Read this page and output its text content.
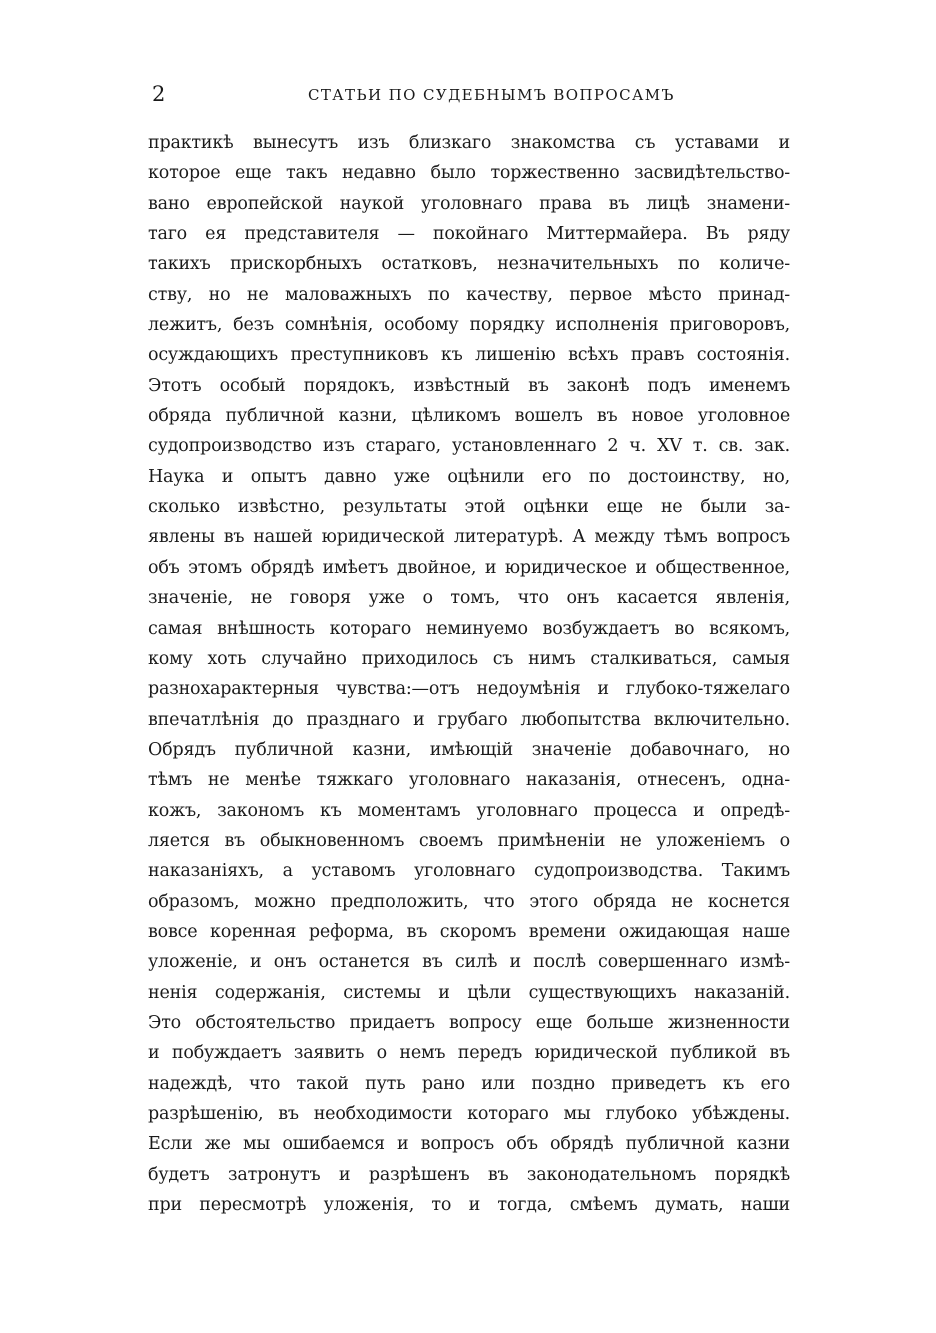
2	СТАТЬИ ПО СУДЕБНЫМЪ ВОПРОСАМЪ
практикѣ вынесутъ изъ близкаго знакомства съ уставами и
которое еще такъ недавно было торжественно засвидѣтельство-
вано европейской наукой уголовнаго права въ лицѣ знамени-
таго ея представителя — покойнаго Миттермайера. Въ ряду
такихъ прискорбныхъ остатковъ, незначительныхъ по количе-
ству, но не маловажныхъ по качеству, первое мѣсто принад-
лежитъ, безъ сомнѣнія, особому порядку исполненія приговоровъ,
осуждающихъ преступниковъ къ лишенію всѣхъ правъ состоянія.
Этотъ особый порядокъ, извѣстный въ законѣ подъ именемъ
обряда публичной казни, цѣликомъ вошелъ въ новое уголовное
судопроизводство изъ стараго, установленнаго 2 ч. XV т. св. зак.
Наука и опытъ давно уже оцѣнили его по достоинству, но,
сколько извѣстно, результаты этой оцѣнки еще не были за-
явлены въ нашей юридической литературѣ. А между тѣмъ вопросъ
объ этомъ обрядѣ имѣетъ двойное, и юридическое и общественное,
значеніе, не говоря уже о томъ, что онъ касается явленія,
самая внѣшность котораго неминуемо возбуждаетъ во всякомъ,
кому хоть случайно приходилось съ нимъ сталкиваться, самыя
разнохарактерныя чувства:—отъ недоумѣнія и глубоко-тяжелаго
впечатлѣнія до празднаго и грубаго любопытства включительно.
Обрядъ публичной казни, имѣющій значеніе добавочнаго, но
тѣмъ не менѣе тяжкаго уголовнаго наказанія, отнесенъ, одна-
кожъ, закономъ къ моментамъ уголовнаго процесса и опредѣ-
ляется въ обыкновенномъ своемъ примѣненіи не уложеніемъ о
наказаніяхъ, а уставомъ уголовнаго судопроизводства. Такимъ
образомъ, можно предположить, что этого обряда не коснется
вовсе коренная реформа, въ скоромъ времени ожидающая наше
уложеніе, и онъ останется въ силѣ и послѣ совершеннаго измѣ-
ненія содержанія, системы и цѣли существующихъ наказаній.
Это обстоятельство придаетъ вопросу еще больше жизненности
и побуждаетъ заявить о немъ передъ юридической публикой въ
надеждѣ, что такой путь рано или поздно приведетъ къ его
разрѣшенію, въ необходимости котораго мы глубоко убѣждены.
Если же мы ошибаемся и вопросъ объ обрядѣ публичной казни
будетъ затронутъ и разрѣшенъ въ законодательномъ порядкѣ
при пересмотрѣ уложенія, то и тогда, смѣемъ думать, наши
